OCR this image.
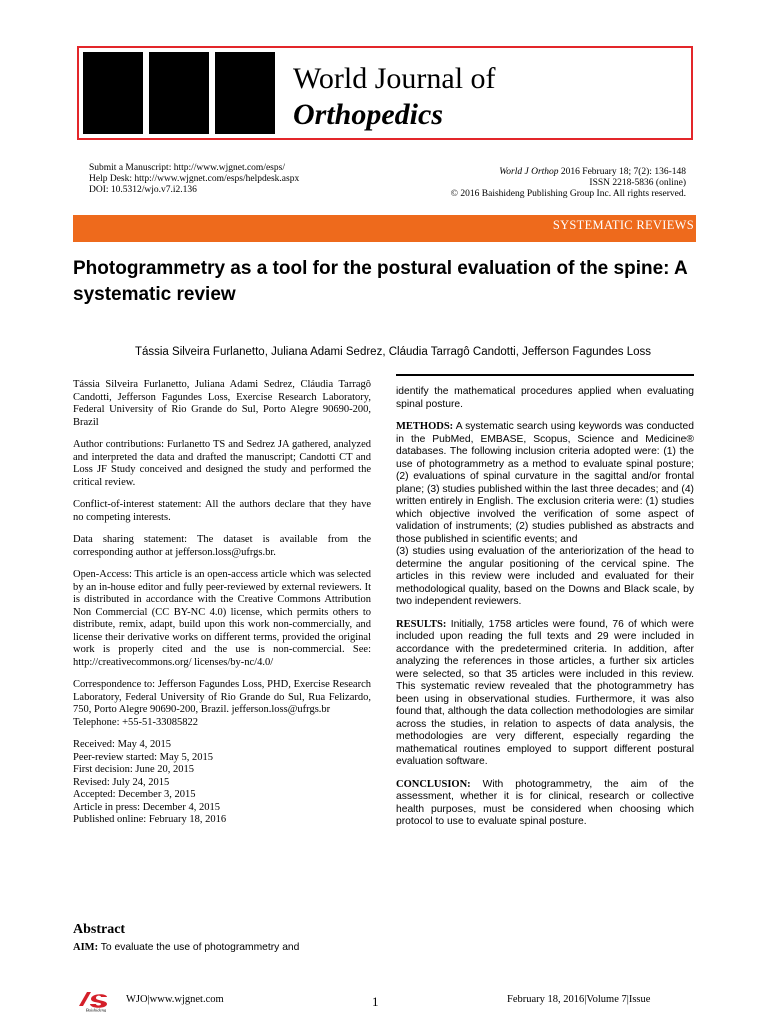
World Journal of
Orthopedics
Submit a Manuscript: http://www.wjgnet.com/esps/
Help Desk: http://www.wjgnet.com/esps/helpdesk.aspx
DOI: 10.5312/wjo.v7.i2.136
World J Orthop 2016 February 18; 7(2): 136-148
ISSN 2218-5836 (online)
© 2016 Baishideng Publishing Group Inc. All rights reserved.
SYSTEMATIC REVIEWS
Photogrammetry as a tool for the postural evaluation of the spine: A systematic review
Tássia Silveira Furlanetto, Juliana Adami Sedrez, Cláudia Tarragô Candotti, Jefferson Fagundes Loss

Tássia Silveira Furlanetto, Juliana Adami Sedrez, Cláudia Tarragô Candotti, Jefferson Fagundes Loss, Exercise Research Laboratory, Federal University of Rio Grande do Sul, Porto Alegre 90690-200, Brazil

Author contributions: Furlanetto TS and Sedrez JA gathered, analyzed and interpreted the data and drafted the manuscript; Candotti CT and Loss JF Study conceived and designed the study and performed the critical review.

Conflict-of-interest statement: All the authors declare that they have no competing interests.

Data sharing statement: The dataset is available from the corresponding author at jefferson.loss@ufrgs.br.

Open-Access: This article is an open-access article which was selected by an in-house editor and fully peer-reviewed by external reviewers. It is distributed in accordance with the Creative Commons Attribution Non Commercial (CC BY-NC 4.0) license, which permits others to distribute, remix, adapt, build upon this work non-commercially, and license their derivative works on different terms, provided the original work is properly cited and the use is non-commercial. See: http://creativecommons.org/ licenses/by-nc/4.0/

Correspondence to: Jefferson Fagundes Loss, PHD, Exercise Research Laboratory, Federal University of Rio Grande do Sul, Rua Felizardo, 750, Porto Alegre 90690-200, Brazil. jefferson.loss@ufrgs.br

Telephone: +55-51-33085822

Received: May 4, 2015
Peer-review started: May 5, 2015
First decision: June 20, 2015
Revised: July 24, 2015
Accepted: December 3, 2015
Article in press: December 4, 2015
Published online: February 18, 2016
Abstract
AIM: To evaluate the use of photogrammetry and

identify the mathematical procedures applied when evaluating spinal posture.

METHODS: A systematic search using keywords was conducted in the PubMed, EMBASE, Scopus, Science and Medicine® databases. The following inclusion criteria adopted were: (1) the use of photogrammetry as a method to evaluate spinal posture; (2) evaluations of spinal curvature in the sagittal and/or frontal plane; (3) studies published within the last three decades; and (4) written entirely in English. The exclusion criteria were: (1) studies which objective involved the verification of some aspect of validation of instruments; (2) studies published as abstracts and those published in scientific events; and

(3) studies using evaluation of the anteriorization of the head to determine the angular positioning of the cervical spine. The articles in this review were included and evaluated for their methodological quality, based on the Downs and Black scale, by two independent reviewers.

RESULTS: Initially, 1758 articles were found, 76 of which were included upon reading the full texts and 29 were included in accordance with the predetermined criteria. In addition, after analyzing the references in those articles, a further six articles were selected, so that 35 articles were included in this review. This systematic review revealed that the photogrammetry has been using in observational studies. Furthermore, it was also found that, although the data collection methodologies are similar across the studies, in relation to aspects of data analysis, the methodologies are very different, especially regarding the mathematical routines employed to support different postural evaluation software.

CONCLUSION: With photogrammetry, the aim of the assessment, whether it is for clinical, research or collective health purposes, must be considered when choosing which protocol to use to evaluate spinal posture.

Baishideng
WJO|www.wjgnet.com	1	February 18, 2016|Volume 7|Issue
